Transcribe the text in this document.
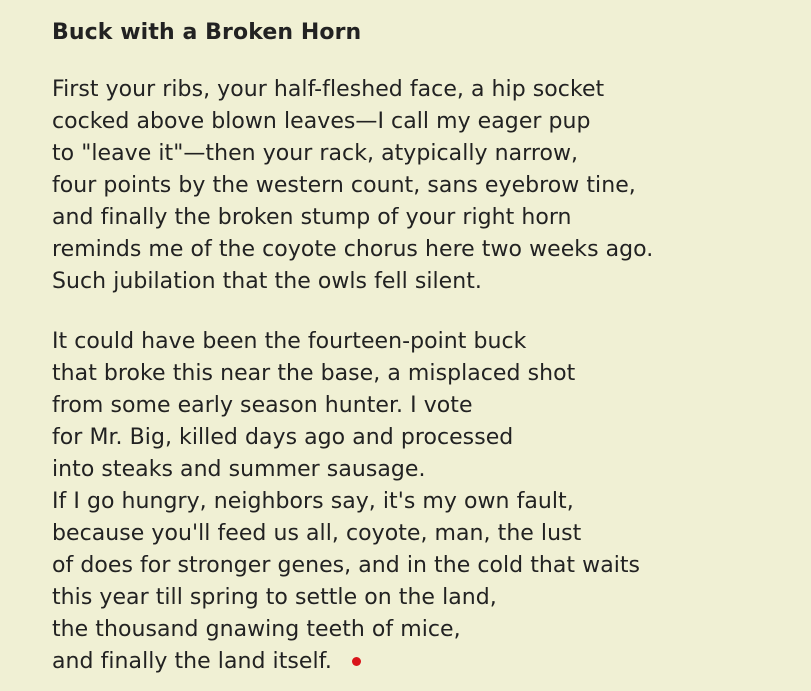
Buck with a Broken Horn
First your ribs, your half-fleshed face, a hip socket
cocked above blown leaves—I call my eager pup
to "leave it"—then your rack, atypically narrow,
four points by the western count, sans eyebrow tine,
and finally the broken stump of your right horn
reminds me of the coyote chorus here two weeks ago.
Such jubilation that the owls fell silent.
It could have been the fourteen-point buck
that broke this near the base, a misplaced shot
from some early season hunter. I vote
for Mr. Big, killed days ago and processed
into steaks and summer sausage.
If I go hungry, neighbors say, it's my own fault,
because you'll feed us all, coyote, man, the lust
of does for stronger genes, and in the cold that waits
this year till spring to settle on the land,
the thousand gnawing teeth of mice,
and finally the land itself.
